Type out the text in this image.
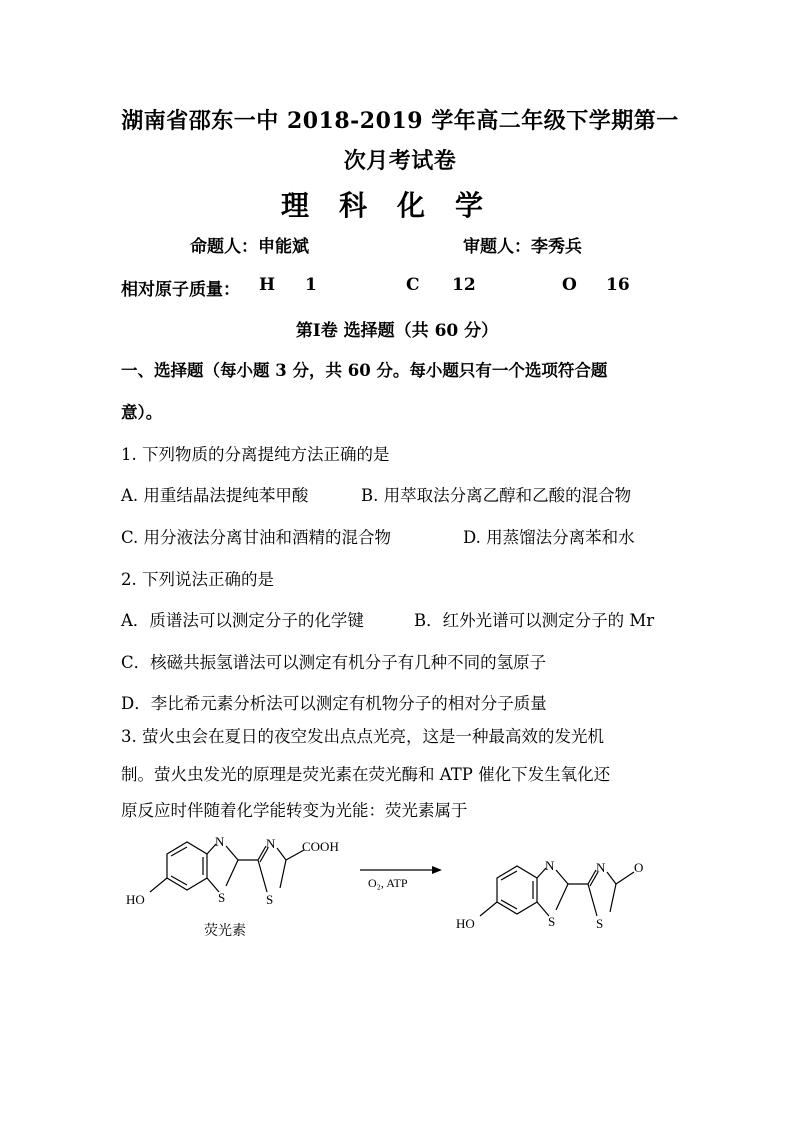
湖南省邵东一中 2018-2019 学年高二年级下学期第一
次月考试卷
理科化学
命题人：申能斌	审题人：李秀兵
相对原子质量： H 1	C 12	O 16
第Ⅰ卷 选择题（共 60 分）
一、选择题（每小题 3 分，共 60 分。每小题只有一个选项符合题
意）。
1. 下列物质的分离提纯方法正确的是
A. 用重结晶法提纯苯甲酸	B. 用萃取法分离乙醇和乙酸的混合物
C. 用分液法分离甘油和酒精的混合物	D. 用蒸馏法分离苯和水
2. 下列说法正确的是
A．质谱法可以测定分子的化学键	B．红外光谱可以测定分子的 Mr
C．核磁共振氢谱法可以测定有机分子有几种不同的氢原子
D．李比希元素分析法可以测定有机物分子的相对分子质量
3. 萤火虫会在夏日的夜空发出点点光亮，这是一种最高效的发光机
制。萤火虫发光的原理是荧光素在荧光酶和 ATP 催化下发生氧化还
原反应时伴随着化学能转变为光能：荧光素属于
N
S
N
S
COOH
HO
荧光素
O₂, ATP
N
S
N
S
O
HO
